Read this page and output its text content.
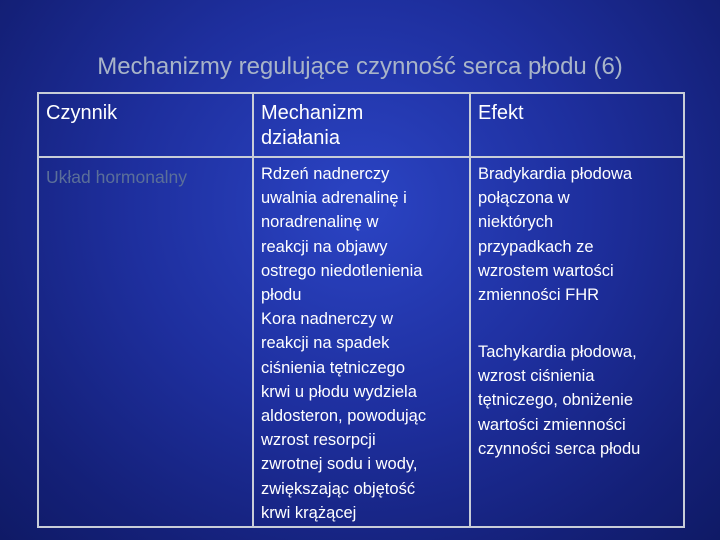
Mechanizmy regulujące czynność serca płodu (6)
Czynnik	Mechanizm
działania
Efekt
Układ hormonalny	Rdzeń nadnerczy
uwalnia adrenalinę i
noradrenalinę w
reakcji na objawy
ostrego niedotlenienia
płodu
Kora nadnerczy w
reakcji na spadek
ciśnienia tętniczego
krwi u płodu wydziela
aldosteron, powodując
wzrost resorpcji
zwrotnej sodu i wody,
zwiększając objętość
krwi krążącej
Bradykardia płodowa
połączona w
niektórych
przypadkach ze
wzrostem wartości
zmienności FHR
Tachykardia płodowa,
wzrost ciśnienia
tętniczego, obniżenie
wartości zmienności
czynności serca płodu
